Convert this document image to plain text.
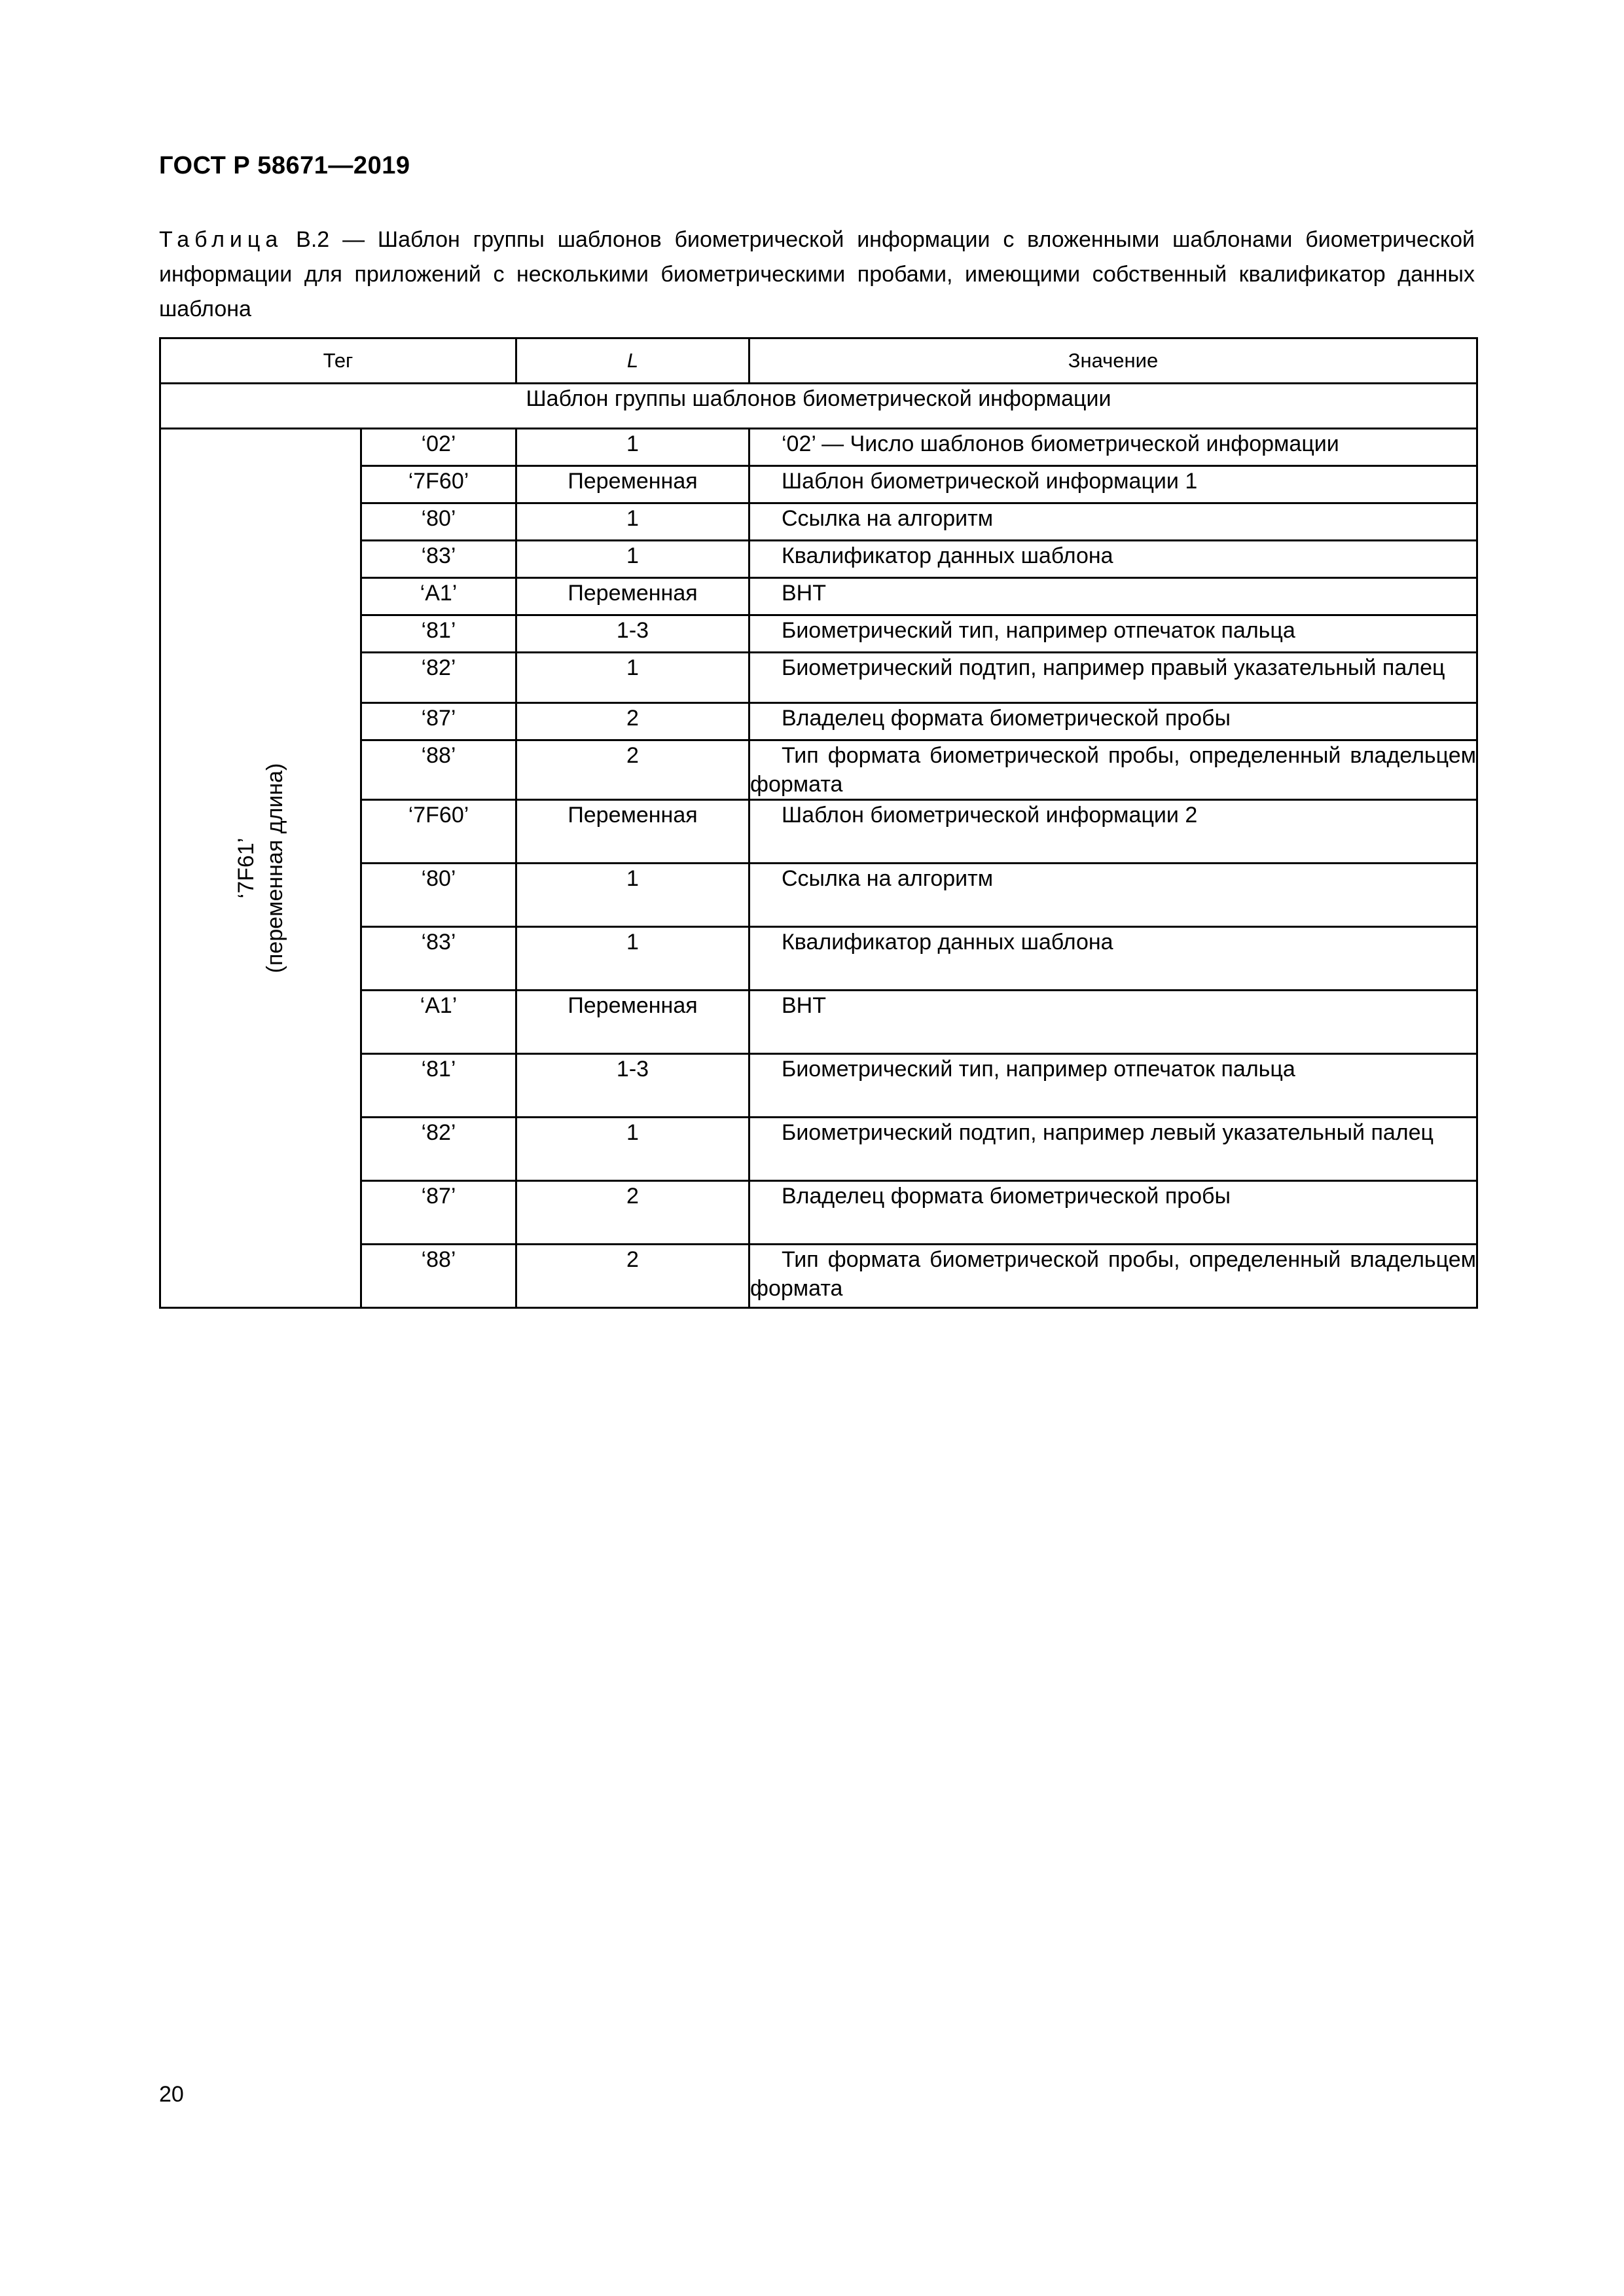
ГОСТ Р 58671—2019
Таблица В.2 — Шаблон группы шаблонов биометрической информации с вложенными шаблонами биометрической информации для приложений с несколькими биометрическими пробами, имеющими собственный квалификатор данных шаблона
Тег		L	Значение
Шаблон группы шаблонов биометрической информации			

‘7F61’ (переменная длина)	‘02’	1	‘02’ — Число шаблонов биометрической информации
	‘7F60’	Переменная	Шаблон биометрической информации 1
	‘80’	1	Ссылка на алгоритм
	‘83’	1	Квалификатор данных шаблона
	‘A1’	Переменная	ВНТ
	‘81’	1-3	Биометрический тип, например отпечаток пальца
	‘82’	1	Биометрический подтип, например правый указательный палец
	‘87’	2	Владелец формата биометрической пробы
	‘88’	2	Тип формата биометрической пробы, определенный владельцем формата
	‘7F60’	Переменная	Шаблон биометрической информации 2
	‘80’	1	Ссылка на алгоритм
	‘83’	1	Квалификатор данных шаблона
	‘A1’	Переменная	ВНТ
	‘81’	1-3	Биометрический тип, например отпечаток пальца
	‘82’	1	Биометрический подтип, например левый указательный палец
	‘87’	2	Владелец формата биометрической пробы
	‘88’	2	Тип формата биометрической пробы, определенный владельцем формата
20
